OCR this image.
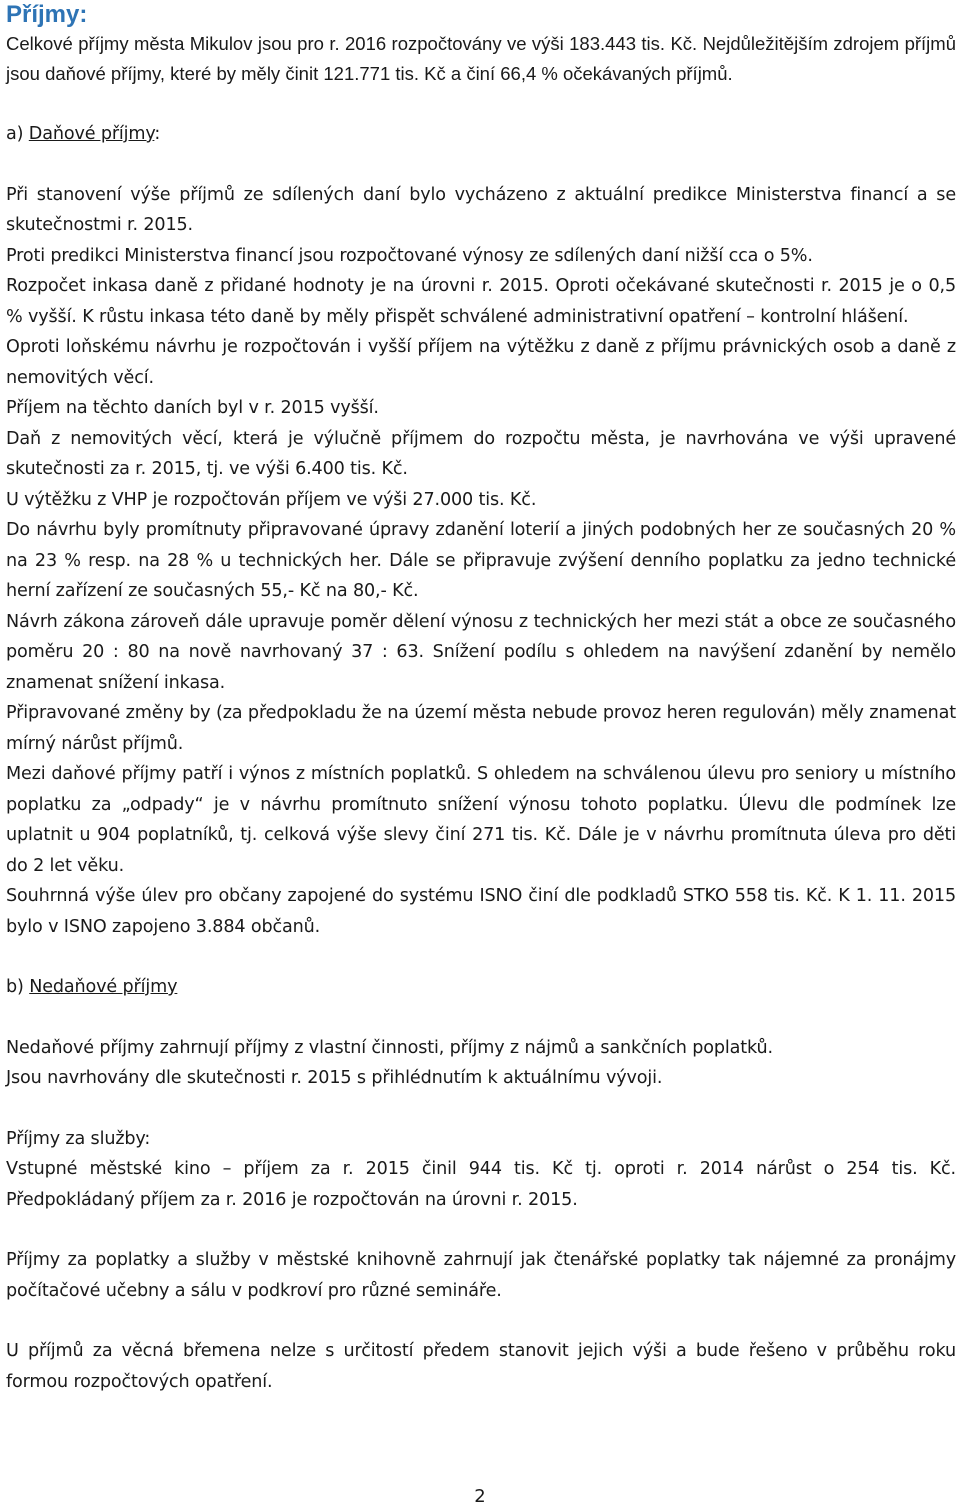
Příjmy:

Celkové příjmy města Mikulov jsou pro r. 2016 rozpočtovány ve výši 183.443 tis. Kč. Nejdůležitějším zdrojem příjmů jsou daňové příjmy, které by měly činit 121.771 tis. Kč a činí 66,4 % očekávaných příjmů.

a) Daňové příjmy:

Při stanovení výše příjmů ze sdílených daní bylo vycházeno z aktuální predikce Ministerstva financí a se skutečnostmi r. 2015.

Proti predikci Ministerstva financí jsou rozpočtované výnosy ze sdílených daní nižší cca o 5%.

Rozpočet inkasa daně z přidané hodnoty je na úrovni r. 2015. Oproti očekávané skutečnosti r. 2015 je o 0,5 % vyšší. K růstu inkasa této daně by měly přispět schválené administrativní opatření – kontrolní hlášení.

Oproti loňskému návrhu je rozpočtován i vyšší příjem na výtěžku z daně z příjmu právnických osob a daně z nemovitých věcí.

Příjem na těchto daních byl v r. 2015 vyšší.

Daň z nemovitých věcí, která je výlučně příjmem do rozpočtu města, je navrhována ve výši upravené skutečnosti za r. 2015, tj. ve výši 6.400 tis. Kč.

U výtěžku z VHP je rozpočtován příjem ve výši 27.000 tis. Kč.

Do návrhu byly promítnuty připravované úpravy zdanění loterií a jiných podobných her ze současných 20 % na 23 % resp. na 28 % u technických her. Dále se připravuje zvýšení denního poplatku za jedno technické herní zařízení ze současných 55,- Kč na 80,- Kč.

Návrh zákona zároveň dále upravuje poměr dělení výnosu z technických her mezi stát a obce ze současného poměru 20 : 80 na nově navrhovaný 37 : 63. Snížení podílu s ohledem na navýšení zdanění by nemělo znamenat snížení inkasa.

Připravované změny by (za předpokladu že na území města nebude provoz heren regulován) měly znamenat mírný nárůst příjmů.

Mezi daňové příjmy patří i výnos z místních poplatků. S ohledem na schválenou úlevu pro seniory u místního poplatku za „odpady“ je v návrhu promítnuto snížení výnosu tohoto poplatku. Úlevu dle podmínek lze uplatnit u 904 poplatníků, tj. celková výše slevy činí 271 tis. Kč. Dále je v návrhu promítnuta úleva pro děti do 2 let věku.

Souhrnná výše úlev pro občany zapojené do systému ISNO činí dle podkladů STKO 558 tis. Kč. K 1. 11. 2015 bylo v ISNO zapojeno 3.884 občanů.

b) Nedaňové příjmy

Nedaňové příjmy zahrnují příjmy z vlastní činnosti, příjmy z nájmů a sankčních poplatků.

Jsou navrhovány dle skutečnosti r. 2015 s přihlédnutím k aktuálnímu vývoji.

Příjmy za služby:

Vstupné městské kino – příjem za r. 2015 činil 944 tis. Kč tj. oproti r. 2014 nárůst o 254 tis. Kč. Předpokládaný příjem za r. 2016 je rozpočtován na úrovni r. 2015.

Příjmy za poplatky a služby v městské knihovně zahrnují jak čtenářské poplatky tak nájemné za pronájmy počítačové učebny a sálu v podkroví pro různé semináře.

U příjmů za věcná břemena nelze s určitostí předem stanovit jejich výši a bude řešeno v průběhu roku formou rozpočtových opatření.

2
